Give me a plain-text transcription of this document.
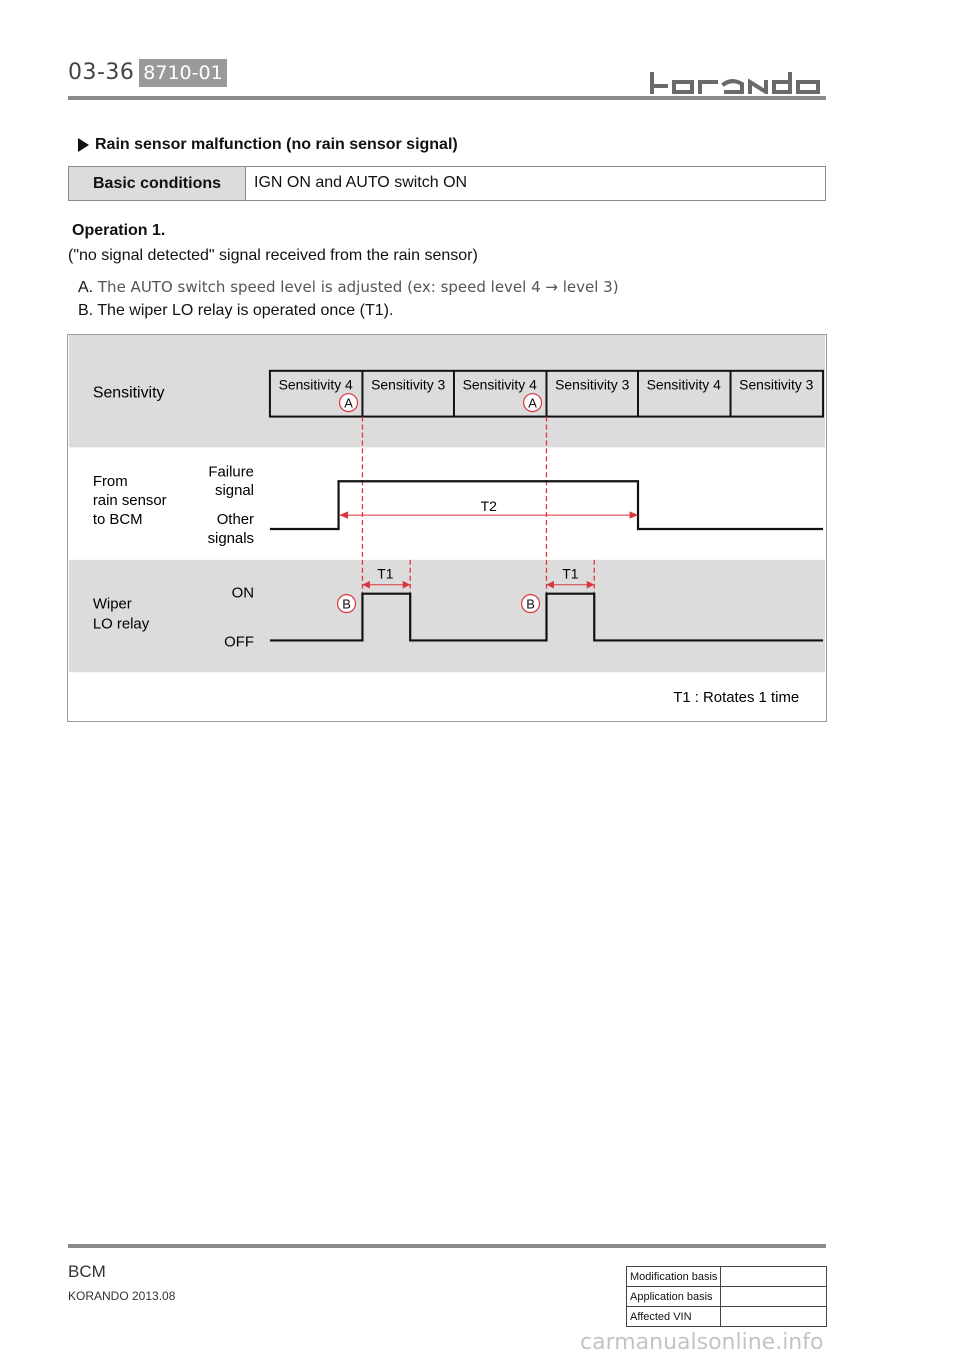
03-36 8710-01
Rain sensor malfunction (no rain sensor signal)
Basic conditions	IGN ON and AUTO switch ON
Operation 1.
("no signal detected" signal received from the rain sensor)
A. The AUTO switch speed level is adjusted (ex: speed level 4 → level 3)
B. The wiper LO relay is operated once (T1).
Sensitivity
From
rain sensor
to BCM
Failure
signal
Other
signals
Wiper
LO relay
ON
OFF
Sensitivity 4 Sensitivity 3 Sensitivity 4 Sensitivity 3 Sensitivity 4 Sensitivity 3
A	A
B	B
T2
T1	T1
T1 : Rotates 1 time
BCM
KORANDO 2013.08
Modification basis	
Application basis	
Affected VIN	
carmanualsonline.info
